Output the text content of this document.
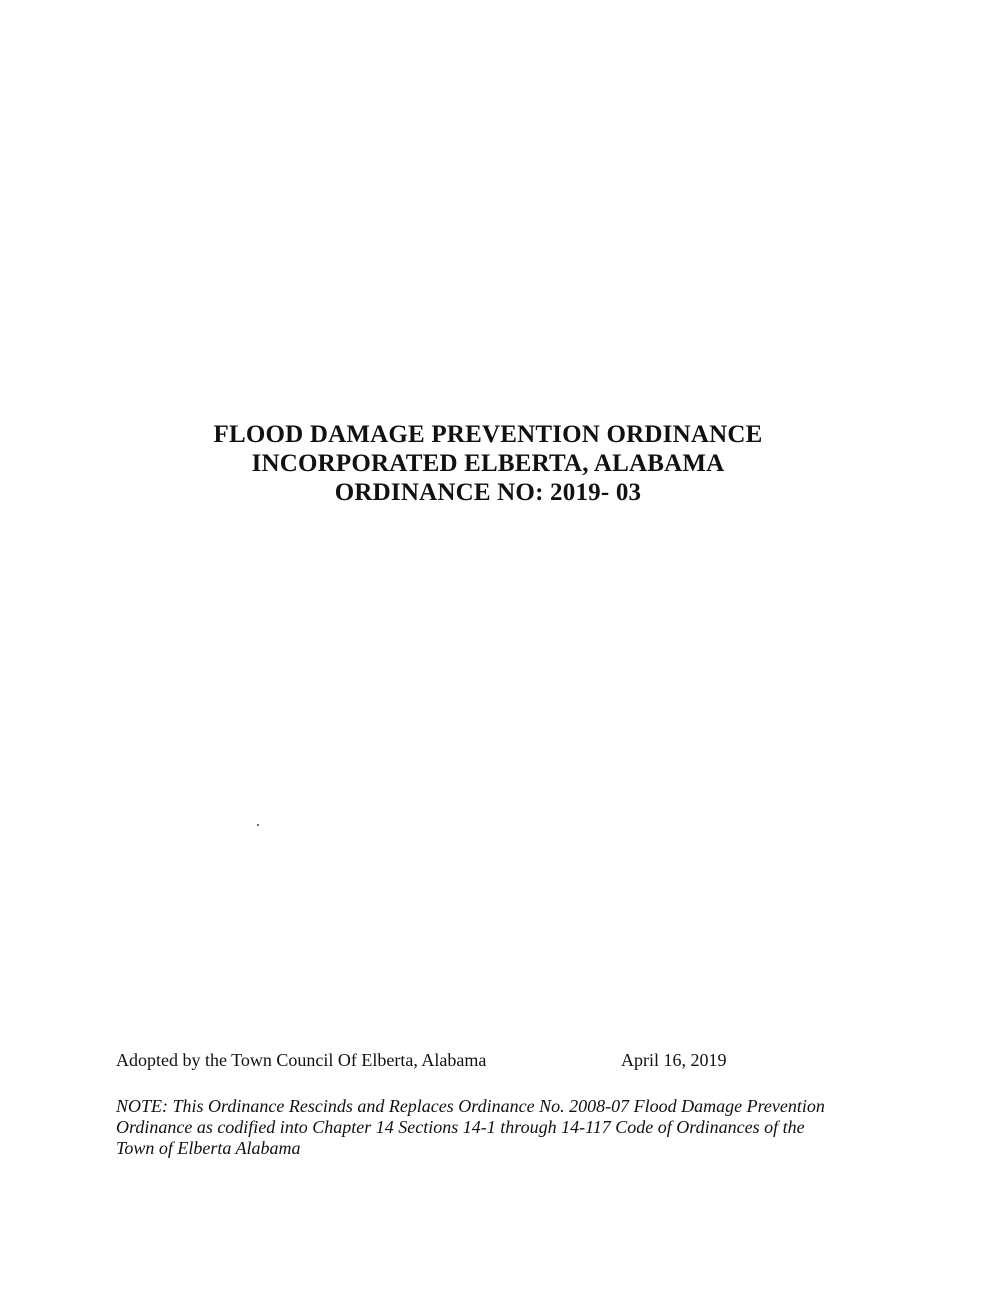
FLOOD DAMAGE PREVENTION ORDINANCE
INCORPORATED ELBERTA, ALABAMA
ORDINANCE NO: 2019- 03
Adopted by the Town Council Of Elberta, Alabama	April 16, 2019
NOTE: This Ordinance Rescinds and Replaces Ordinance No. 2008-07 Flood Damage Prevention
Ordinance as codified into Chapter 14 Sections 14-1 through 14-117 Code of Ordinances of the
Town of Elberta Alabama
